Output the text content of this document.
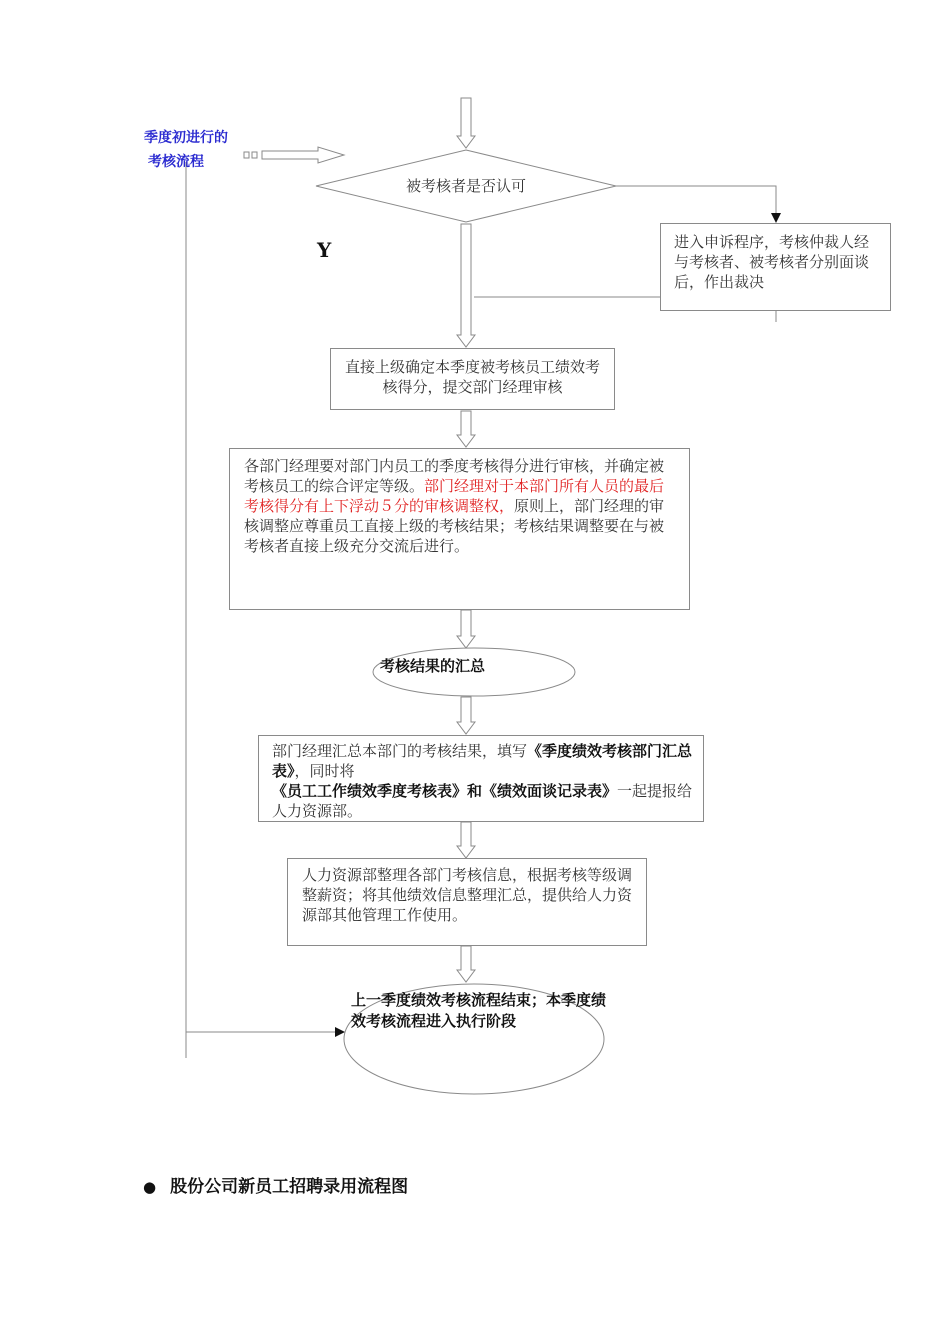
季度初进行的
考核流程
被考核者是否认可
Y	进入申诉程序，考核仲裁人经与考核者、被考核者分别面谈后，作出裁决
直接上级确定本季度被考核员工绩效考核得分，提交部门经理审核
各部门经理要对部门内员工的季度考核得分进行审核，并确定被考核员工的综合评定等级。部门经理对于本部门所有人员的最后考核得分有上下浮动５分的审核调整权，原则上，部门经理的审核调整应尊重员工直接上级的考核结果；考核结果调整要在与被考核者直接上级充分交流后进行。
考核结果的汇总
部门经理汇总本部门的考核结果，填写《季度绩效考核部门汇总表》，同时将《员工工作绩效季度考核表》和《绩效面谈记录表》一起提报给人力资源部。
人力资源部整理各部门考核信息，根据考核等级调整薪资；将其他绩效信息整理汇总，提供给人力资源部其他管理工作使用。
上一季度绩效考核流程结束；本季度绩效考核流程进入执行阶段
● 股份公司新员工招聘录用流程图
